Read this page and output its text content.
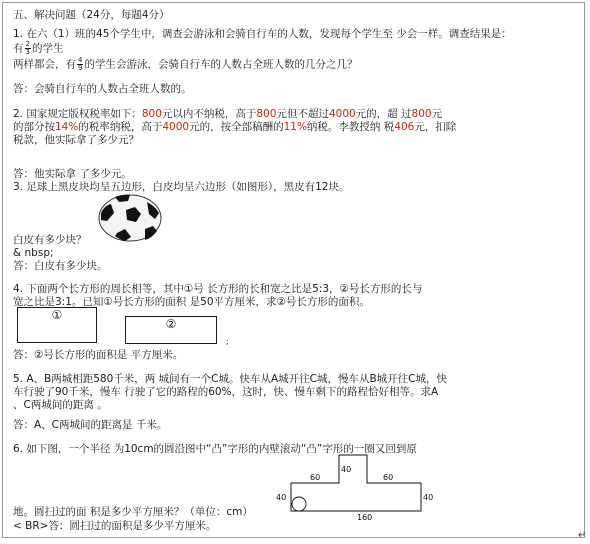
五、解决问题（24分，每题4分）
1. 在六（1）班的45个学生中，调查会游泳和会骑自行车的人数，发现每个学生至 少会一样。调查结果是：
有 $\frac{2}{3}$ 的学生
两样都会，有 $\frac{4}{9}$ 的学生会游泳，会骑自行车的人数占全班人数的几分之几？
答：会骑自行车的人数占全班人数的。
2. 国家规定版权税率如下：800元以内不纳税，高于800元但不超过4000元的，超 过800元
的部分按14%的税率纳税，高于4000元的，按全部稿酬的11%纳税。李教授纳 税406元，扣除
税款，他实际拿了多少元？
答：他实际拿 了多少元。
3. 足球上黑皮块均呈五边形，白皮均呈六边形（如图形），黑皮有12块。
白皮有多少块？
& nbsp;
答：白皮有多少块。
4. 下面两个长方形的周长相等，其中①号 长方形的长和宽之比是5:3，②号长方形的长与
宽之比是3:1。已知①号长方形的面积 是50平方厘米，求②号长方形的面积。
①
②
;
答：②号长方形的面积是 平方厘米。
5. A、B两城相距580千米，两 城间有一个C城。快车从A城开往C城，慢车从B城开往C城，快
车行驶了90千米，慢车 行驶了它的路程的60%，这时，快、慢车剩下的路程恰好相等。求A
、C两城间的距离 。
答：A、C两城间的距离是 千米。
6. 如下图，一个半径 为10cm的圆沿图中“凸”字形的内壁滚动“凸”字形的一圈又回到原
40
60	60
40	40
160
地。圆扫过的面 积是多少平方厘米？（单位：cm）
< BR>答：圆扫过的面积是多少平方厘米。
↵
